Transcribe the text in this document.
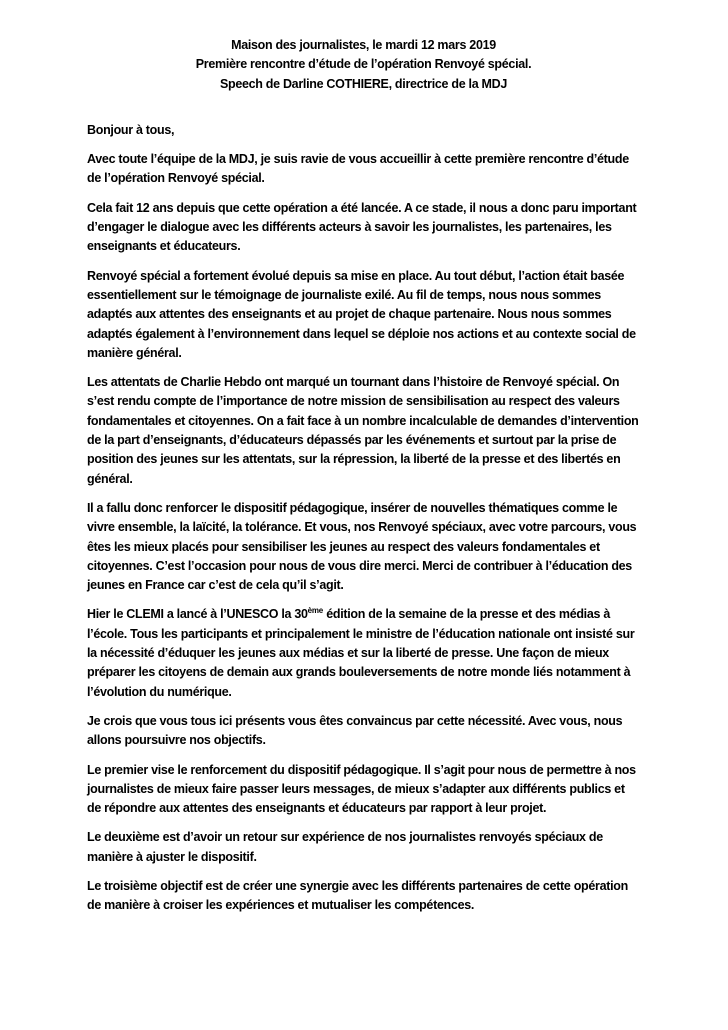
Maison des journalistes, le mardi 12 mars 2019
Première rencontre d’étude de l’opération Renvoyé spécial.
Speech de Darline COTHIERE, directrice de la MDJ

Bonjour à tous,

Avec toute l’équipe de la MDJ, je suis ravie de vous accueillir à cette première rencontre d’étude de l’opération Renvoyé spécial.

Cela fait 12 ans depuis que cette opération a été lancée. A ce stade, il nous a donc paru important d’engager le dialogue avec les différents acteurs à savoir les journalistes, les partenaires, les enseignants et éducateurs.

Renvoyé spécial a fortement évolué depuis sa mise en place. Au tout début, l’action était basée essentiellement sur le témoignage de journaliste exilé. Au fil de temps, nous nous sommes adaptés aux attentes des enseignants et au projet de chaque partenaire. Nous nous sommes adaptés également à l’environnement dans lequel se déploie nos actions et au contexte social de manière général.

Les attentats de Charlie Hebdo ont marqué un tournant dans l’histoire de Renvoyé spécial. On s’est rendu compte de l’importance de notre mission de sensibilisation au respect des valeurs fondamentales et citoyennes. On a fait face à un nombre incalculable de demandes d’intervention de la part d’enseignants, d’éducateurs dépassés par les événements et surtout par la prise de position des jeunes sur les attentats, sur la répression, la liberté de la presse et des libertés en général.

Il a fallu donc renforcer le dispositif pédagogique, insérer de nouvelles thématiques comme le vivre ensemble, la laïcité, la tolérance. Et vous, nos Renvoyé spéciaux, avec votre parcours, vous êtes les mieux placés pour sensibiliser les jeunes au respect des valeurs fondamentales et citoyennes. C’est l’occasion pour nous de vous dire merci. Merci de contribuer à l’éducation des jeunes en France car c’est de cela qu’il s’agit.

Hier le CLEMI a lancé à l’UNESCO la 30ème édition de la semaine de la presse et des médias à l’école. Tous les participants et principalement le ministre de l’éducation nationale ont insisté sur la nécessité d’éduquer les jeunes aux médias et sur la liberté de presse. Une façon de mieux préparer les citoyens de demain aux grands bouleversements de notre monde liés notamment à l’évolution du numérique.

Je crois que vous tous ici présents vous êtes convaincus par cette nécessité. Avec vous, nous allons poursuivre nos objectifs.

Le premier vise le renforcement du dispositif pédagogique. Il s’agit pour nous de permettre à nos journalistes de mieux faire passer leurs messages, de mieux s’adapter aux différents publics et de répondre aux attentes des enseignants et éducateurs par rapport à leur projet.

Le deuxième est d’avoir un retour sur expérience de nos journalistes renvoyés spéciaux de manière à ajuster le dispositif.

Le troisième objectif est de créer une synergie avec les différents partenaires de cette opération de manière à croiser les expériences et mutualiser les compétences.
